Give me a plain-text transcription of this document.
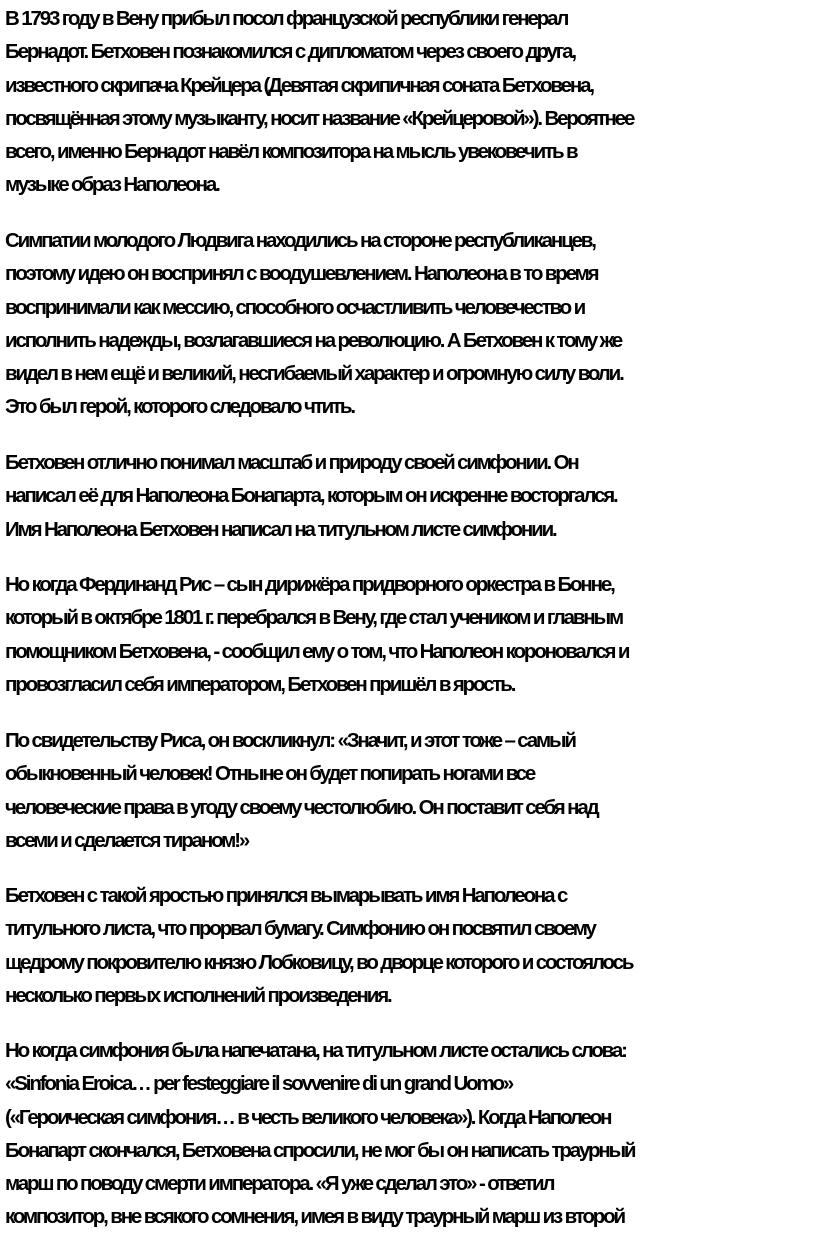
В 1793 году в Вену прибыл посол французской республики генерал
Бернадот. Бетховен познакомился с дипломатом через своего друга,
известного скрипача Крейцера (Девятая скрипичная соната Бетховена,
посвящённая этому музыканту, носит название «Крейцеровой»). Вероятнее
всего, именно Бернадот навёл композитора на мысль увековечить в
музыке образ Наполеона.
Симпатии молодого Людвига находились на стороне республиканцев,
поэтому идею он воспринял с воодушевлением. Наполеона в то время
воспринимали как мессию, способного осчастливить человечество и
исполнить надежды, возлагавшиеся на революцию. А Бетховен к тому же
видел в нем ещё и великий, несгибаемый характер и огромную силу воли.
Это был герой, которого следовало чтить.
Бетховен отлично понимал масштаб и природу своей симфонии. Он
написал её для Наполеона Бонапарта, которым он искренне восторгался.
Имя Наполеона Бетховен написал на титульном листе симфонии.
Но когда Фердинанд Рис – сын дирижёра придворного оркестра в Бонне,
который в октябре 1801 г. перебрался в Вену, где стал учеником и главным
помощником Бетховена, - сообщил ему о том, что Наполеон короновался и
провозгласил себя императором, Бетховен пришёл в ярость.
По свидетельству Риса, он воскликнул: «Значит, и этот тоже – самый
обыкновенный человек! Отныне он будет попирать ногами все
человеческие права в угоду своему честолюбию. Он поставит себя над
всеми и сделается тираном!»
Бетховен с такой яростью принялся вымарывать имя Наполеона с
титульного листа, что прорвал бумагу. Симфонию он посвятил своему
щедрому покровителю князю Лобковицу, во дворце которого и состоялось
несколько первых исполнений произведения.
Но когда симфония была напечатана, на титульном листе остались слова:
«Sinfonia Eroica… per festeggiare il sovvenire di un grand Uomo»
(«Героическая симфония… в честь великого человека»). Когда Наполеон
Бонапарт скончался, Бетховена спросили, не мог бы он написать траурный
марш по поводу смерти императора. «Я уже сделал это» - ответил
композитор, вне всякого сомнения, имея в виду траурный марш из второй
